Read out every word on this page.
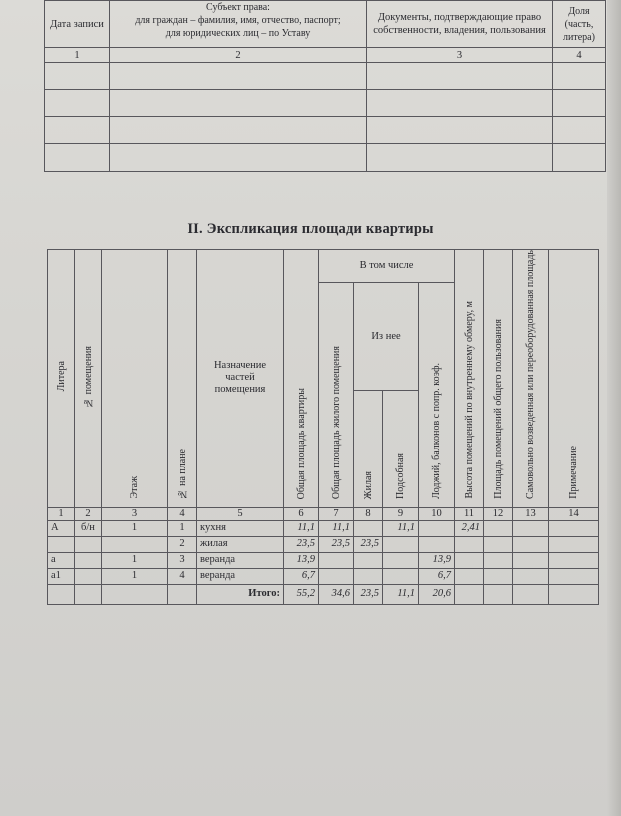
Дата записи	Субъект права:
для граждан – фамилия, имя, отчество, паспорт;
для юридических лиц – по Уставу	Документы, подтверждающие право собственности, владения, пользования	Доля (часть, литера)
1	2	3	4

II. Экспликация площади квартиры
Литера	№ помещения	Этаж	№ на плане	Назначение частей помещения	Общая площадь квартиры	В том числе				Высота помещений по внутреннему обмеру, м	Площадь помещений общего пользования	Самовольно возведенная или переоборудованная площадь	Примечание
						Общая площадь жилого помещения	Из нее		Лоджий, балконов с попр. коэф.				
							Жилая	Подсобная					
1	2	3	4	5	6	7	8	9	10	11	12	13	14
А	б/н	1	1	кухня	11,1	11,1		11,1		2,41			
			2	жилая	23,5	23,5	23,5						
а		1	3	веранда	13,9				13,9				
а1		1	4	веранда	6,7				6,7				
				Итого:	55,2	34,6	23,5	11,1	20,6				
